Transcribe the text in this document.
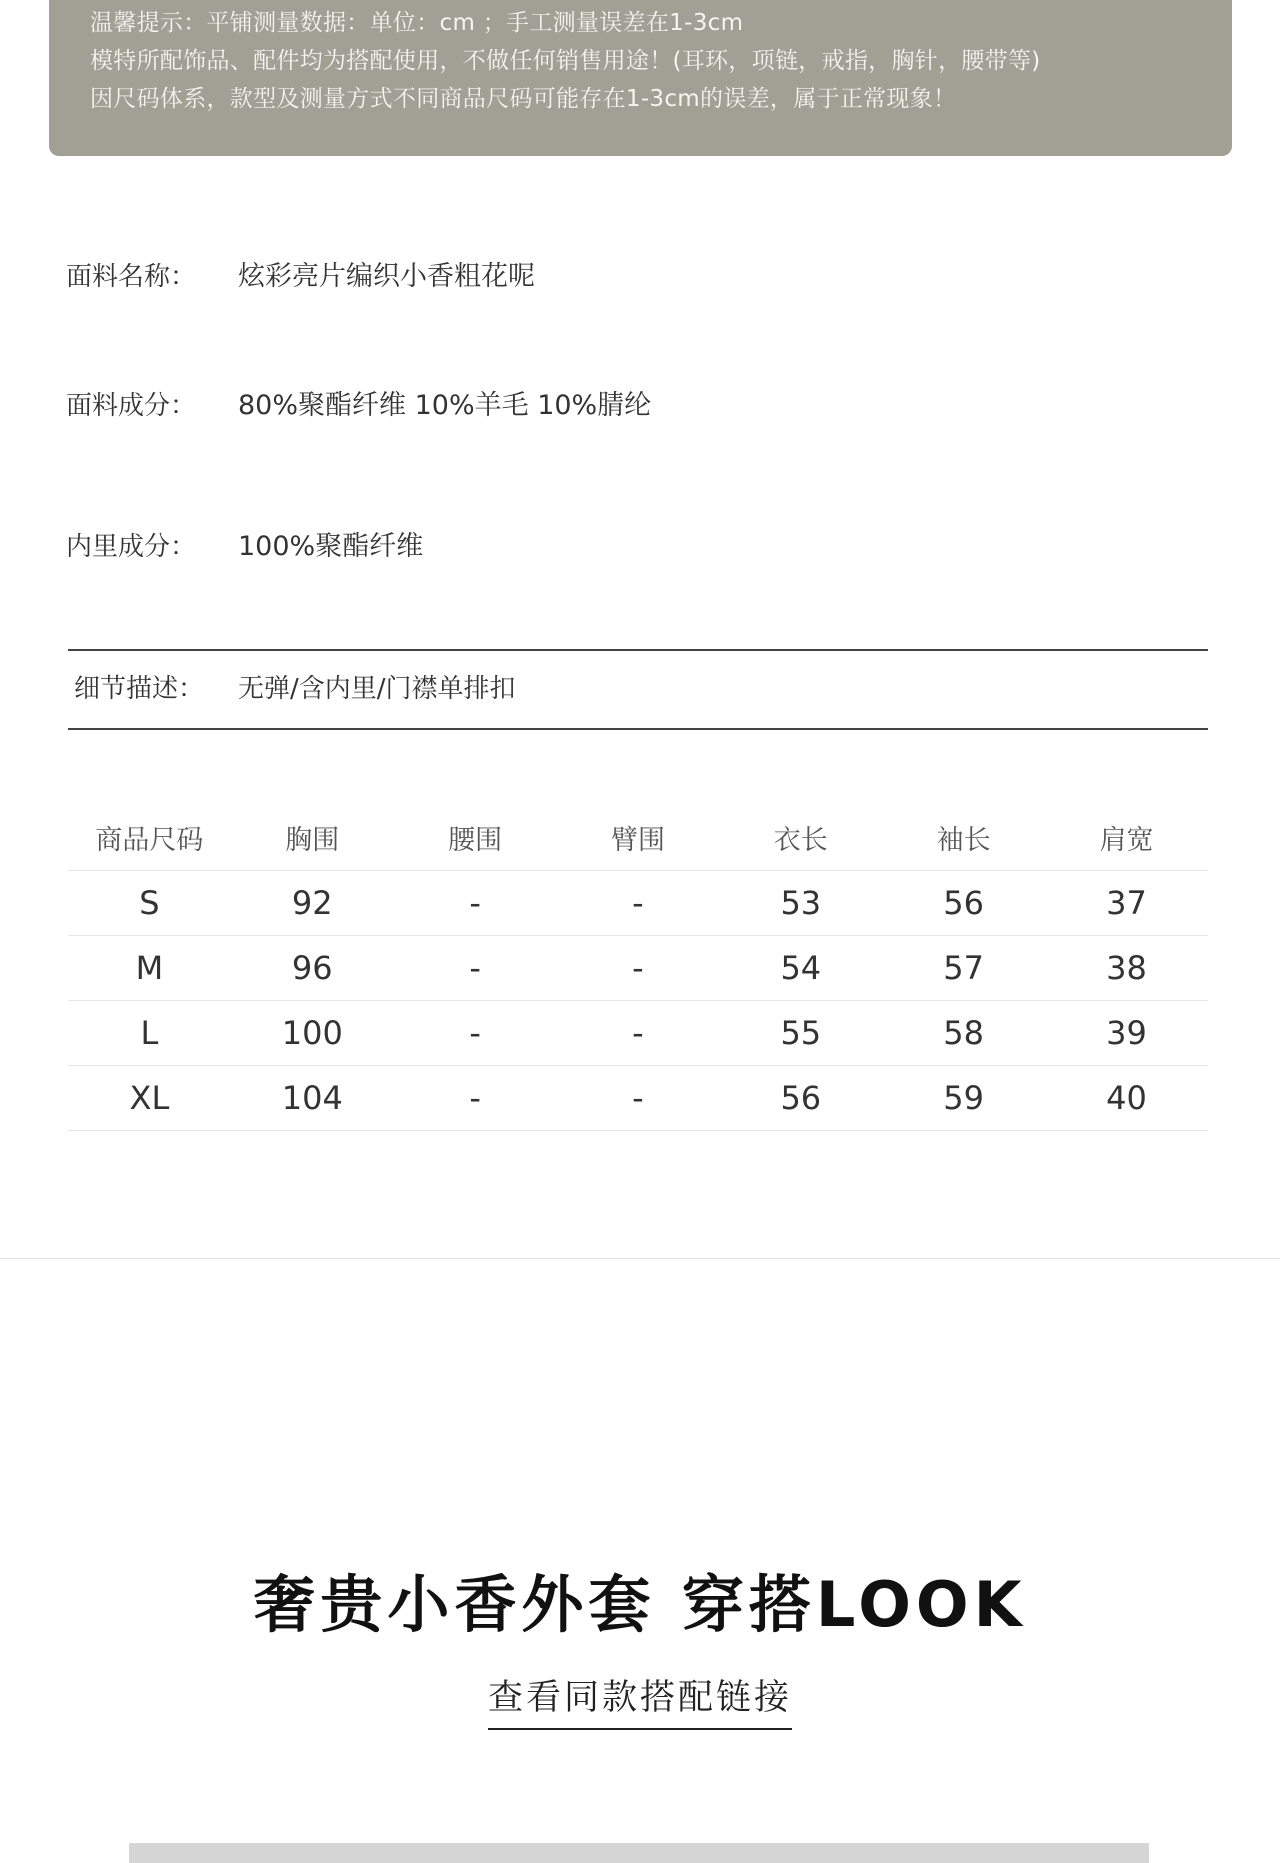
温馨提示：平铺测量数据：单位：cm ；手工测量误差在1-3cm
模特所配饰品、配件均为搭配使用，不做任何销售用途！(耳环，项链，戒指，胸针，腰带等)
因尺码体系，款型及测量方式不同商品尺码可能存在1-3cm的误差，属于正常现象！
面料名称：	炫彩亮片编织小香粗花呢
面料成分：	80%聚酯纤维 10%羊毛 10%腈纶
内里成分：	100%聚酯纤维
细节描述：	无弹/含内里/门襟单排扣
商品尺码	胸围	腰围	臂围	衣长	袖长	肩宽
S	92	-	-	53	56	37
M	96	-	-	54	57	38
L	100	-	-	55	58	39
XL	104	-	-	56	59	40
奢贵小香外套 穿搭LOOK
查看同款搭配链接
